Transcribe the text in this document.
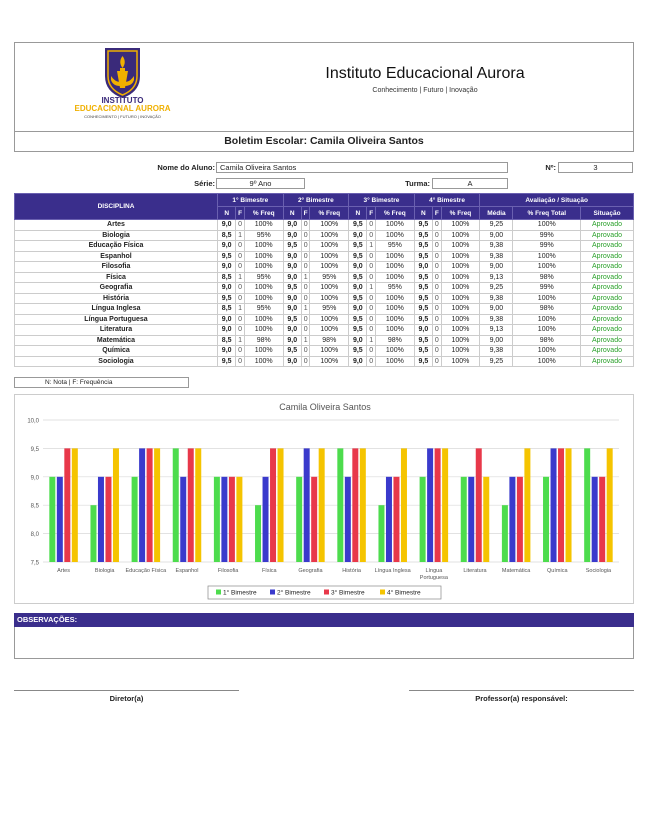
INSTITUTO
EDUCACIONAL AURORA
CONHECIMENTO | FUTURO | INOVAÇÃO
Instituto Educacional Aurora
Conhecimento | Futuro | Inovação
Boletim Escolar: Camila Oliveira Santos
Nome do Aluno: Camila Oliveira Santos	Nº:	3
Série:	9º Ano	Turma:	A
DISCIPLINA	1° Bimestre			2° Bimestre			3° Bimestre			4° Bimestre			Avaliação / Situação		
	N	F	% Freq	N	F	% Freq	N	F	% Freq	N	F	% Freq	Média	% Freq Total	Situação
Artes	9,0	0	100%	9,0	0	100%	9,5	0	100%	9,5	0	100%	9,25	100%	Aprovado
Biologia	8,5	1	95%	9,0	0	100%	9,0	0	100%	9,5	0	100%	9,00	99%	Aprovado
Educação Física	9,0	0	100%	9,5	0	100%	9,5	1	95%	9,5	0	100%	9,38	99%	Aprovado
Espanhol	9,5	0	100%	9,0	0	100%	9,5	0	100%	9,5	0	100%	9,38	100%	Aprovado
Filosofia	9,0	0	100%	9,0	0	100%	9,0	0	100%	9,0	0	100%	9,00	100%	Aprovado
Física	8,5	1	95%	9,0	1	95%	9,5	0	100%	9,5	0	100%	9,13	98%	Aprovado
Geografia	9,0	0	100%	9,5	0	100%	9,0	1	95%	9,5	0	100%	9,25	99%	Aprovado
História	9,5	0	100%	9,0	0	100%	9,5	0	100%	9,5	0	100%	9,38	100%	Aprovado
Língua Inglesa	8,5	1	95%	9,0	1	95%	9,0	0	100%	9,5	0	100%	9,00	98%	Aprovado
Língua Portuguesa	9,0	0	100%	9,5	0	100%	9,5	0	100%	9,5	0	100%	9,38	100%	Aprovado
Literatura	9,0	0	100%	9,0	0	100%	9,5	0	100%	9,0	0	100%	9,13	100%	Aprovado
Matemática	8,5	1	98%	9,0	1	98%	9,0	1	98%	9,5	0	100%	9,00	98%	Aprovado
Química	9,0	0	100%	9,5	0	100%	9,5	0	100%	9,5	0	100%	9,38	100%	Aprovado
Sociologia	9,5	0	100%	9,0	0	100%	9,0	0	100%	9,5	0	100%	9,25	100%	Aprovado
N: Nota | F: Frequência
Camila Oliveira Santos
7,5
8,0
8,5
9,0
9,5
10,0
Artes	Biologia Educação Física Espanhol	Filosofia	Física	Geografia	História	Língua Inglesa	Língua
Portuguesa
Literatura	Matemática	Química	Sociologia
1° Bimestre	2° Bimestre	3° Bimestre	4° Bimestre
OBSERVAÇÕES:
Diretor(a)	Professor(a) responsável:
